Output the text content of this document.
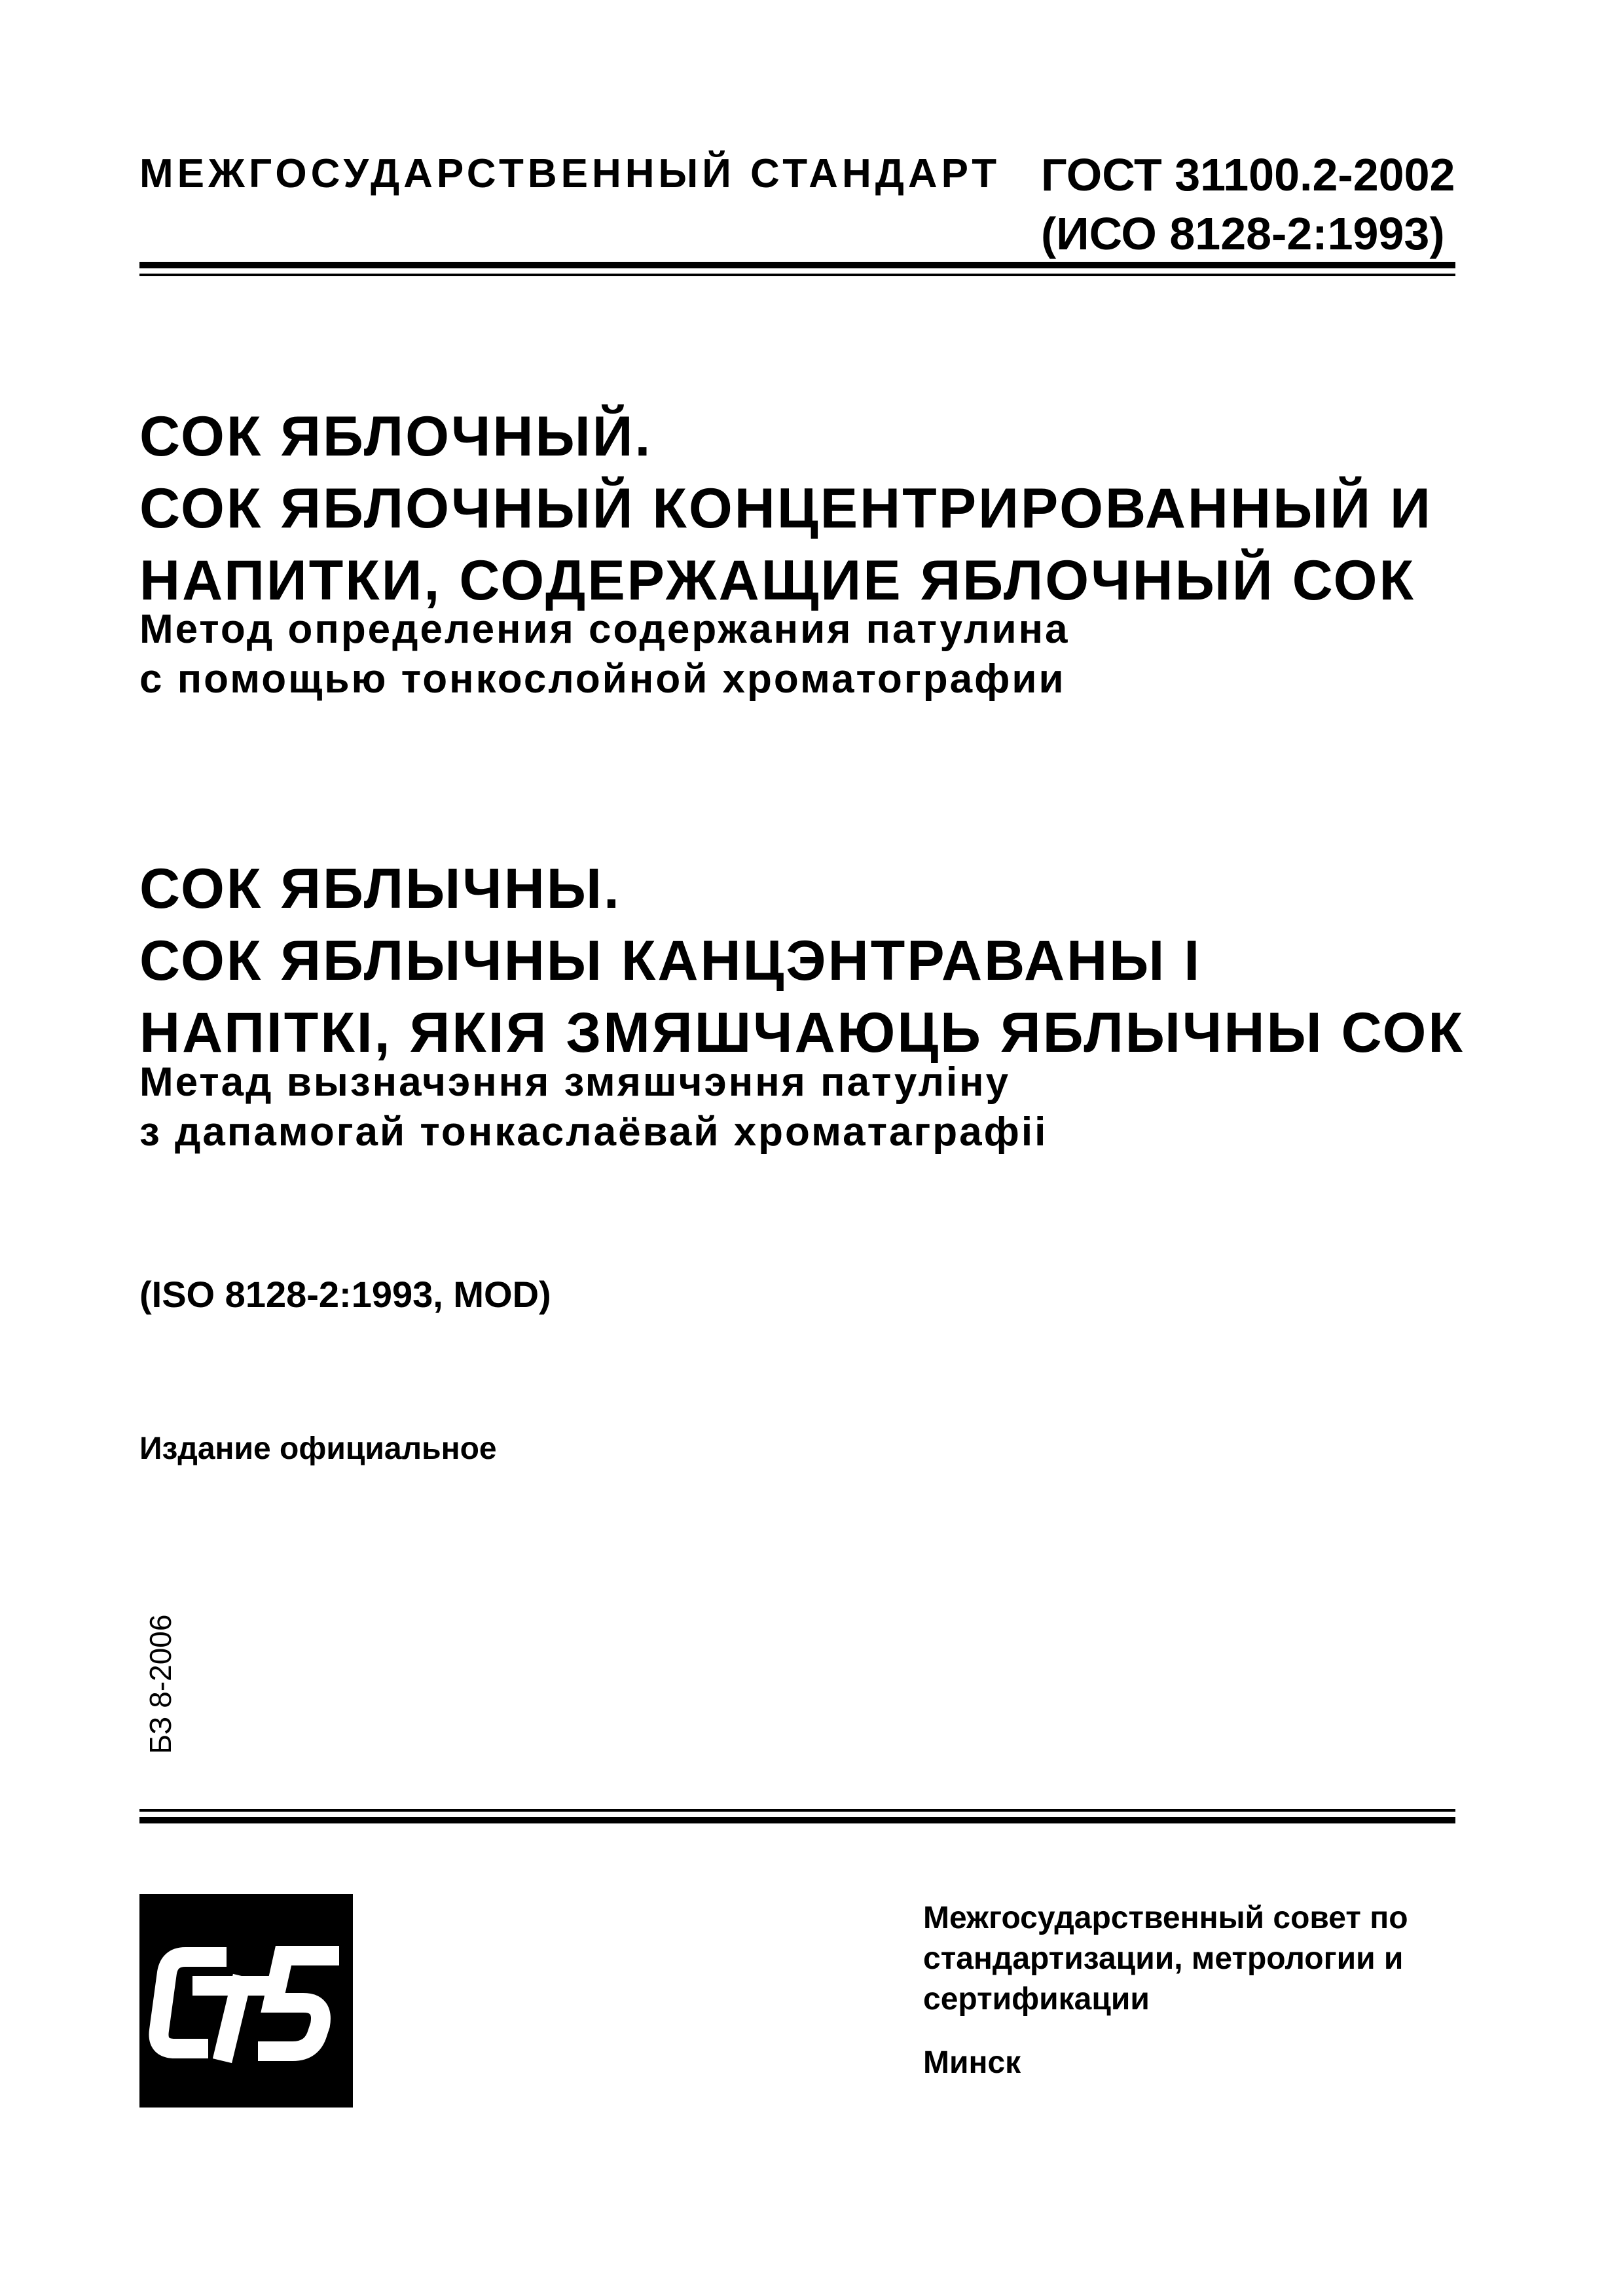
МЕЖГОСУДАРСТВЕННЫЙ СТАНДАРТ ГОСТ 31100.2-2002
(ИСО 8128-2:1993)
СОК ЯБЛОЧНЫЙ.
СОК ЯБЛОЧНЫЙ КОНЦЕНТРИРОВАННЫЙ И
НАПИТКИ, СОДЕРЖАЩИЕ ЯБЛОЧНЫЙ СОК
Метод определения содержания патулина
с помощью тонкослойной хроматографии
СОК ЯБЛЫЧНЫ.
СОК ЯБЛЫЧНЫ КАНЦЭНТРАВАНЫ І
НАПІТКІ, ЯКІЯ ЗМЯШЧАЮЦЬ ЯБЛЫЧНЫ СОК
Метад вызначэння змяшчэння патуліну
з дапамогай тонкаслаёвай хроматаграфіі
(ISO 8128-2:1993, MOD)
Издание официальное
БЗ 8-2006
Межгосударственный совет по
стандартизации, метрологии и
сертификации
Минск
